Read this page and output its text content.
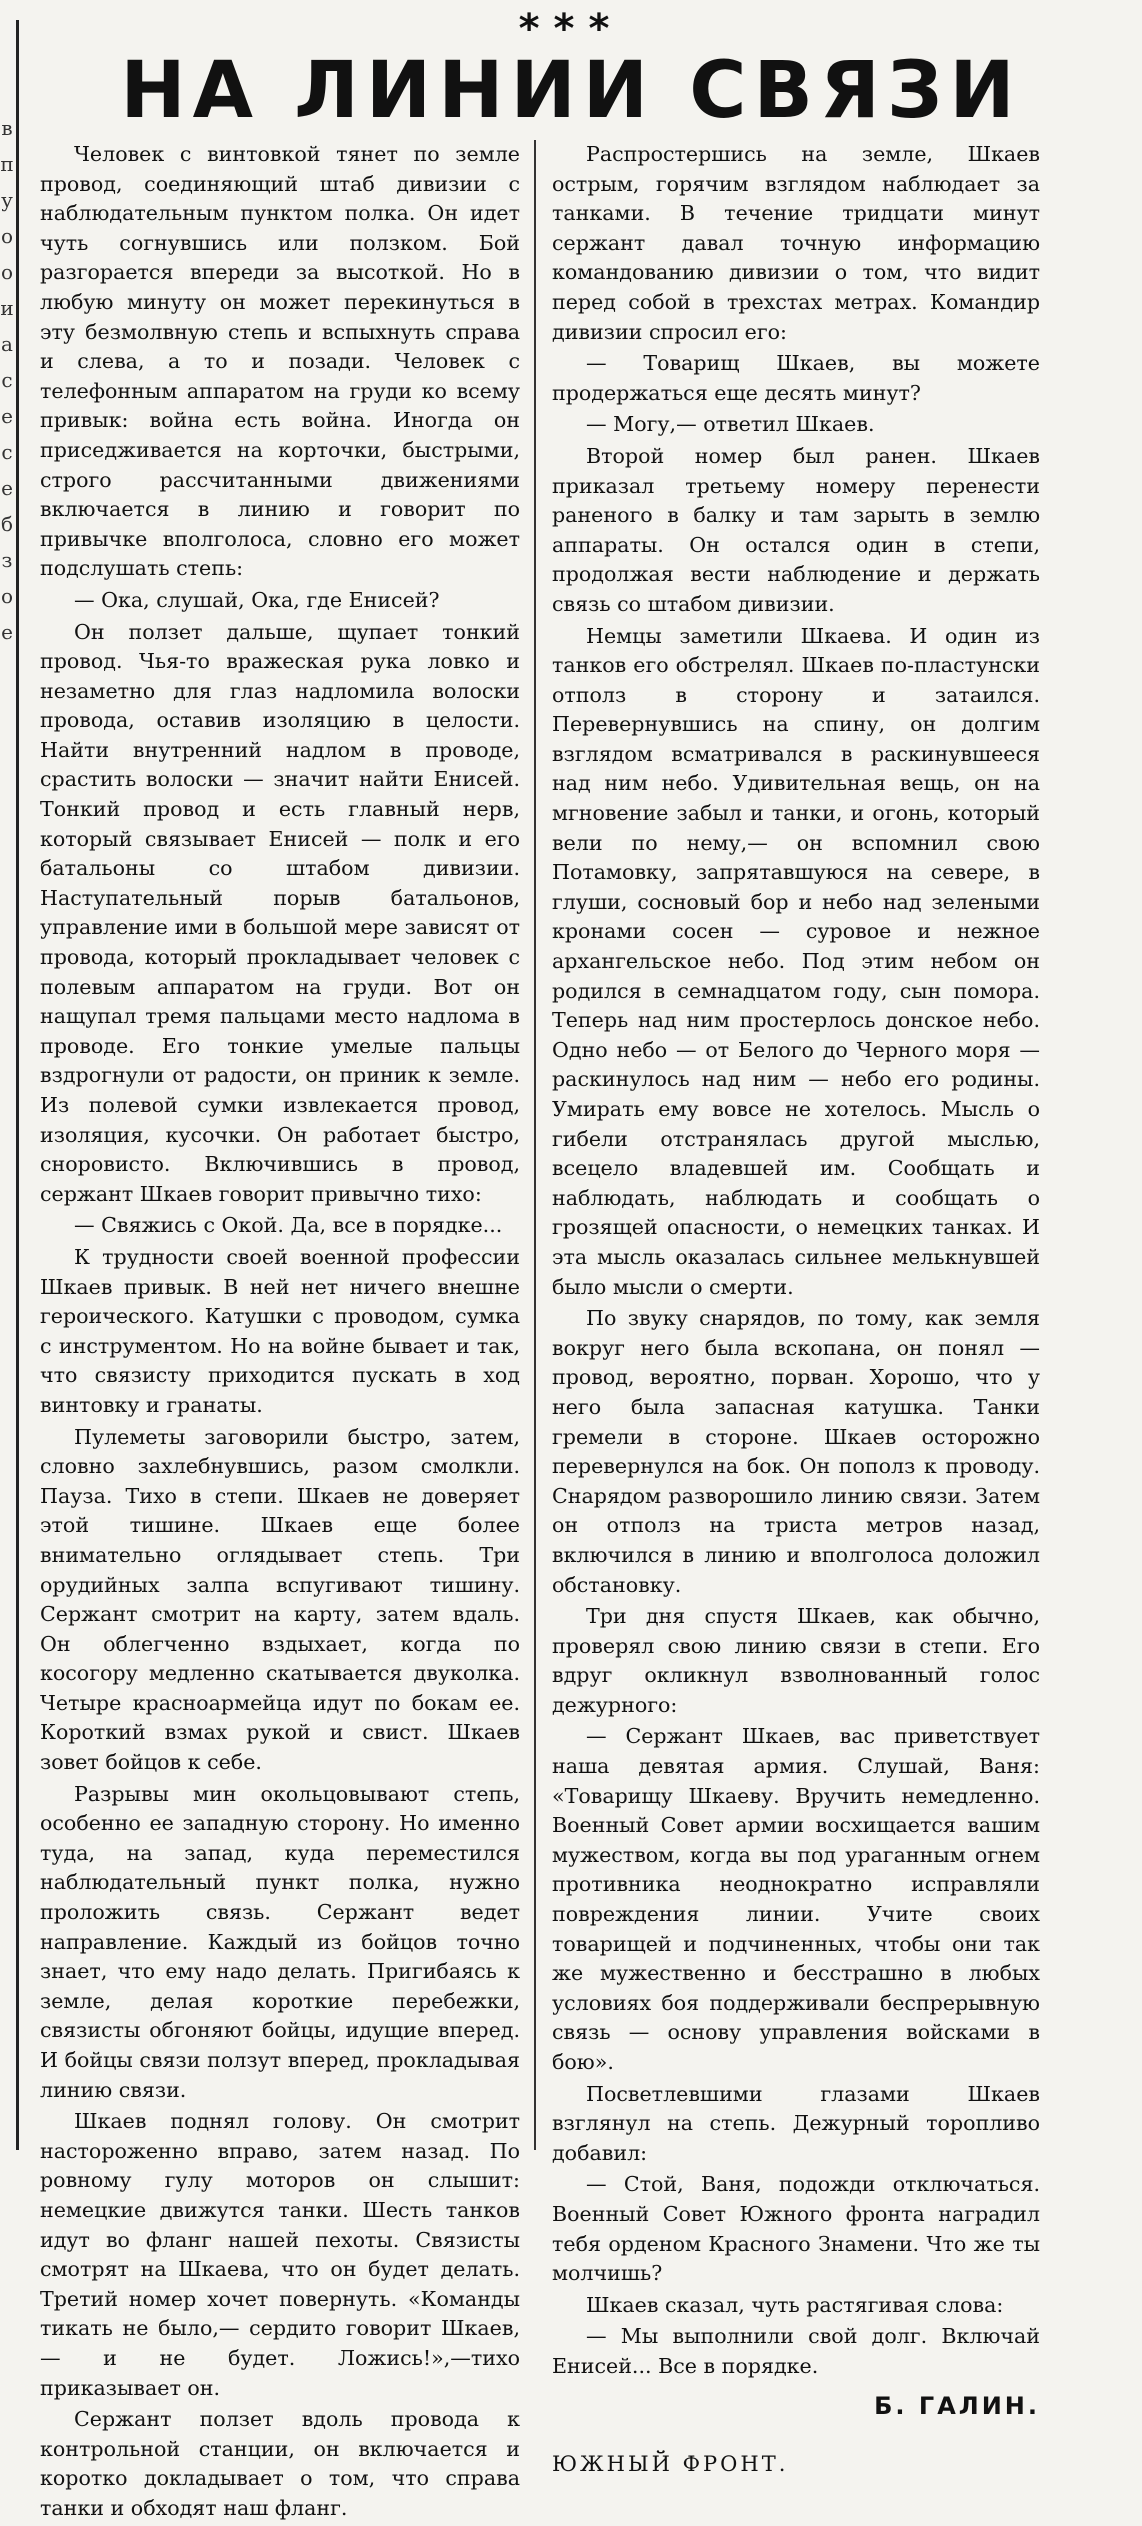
в
п
у
о
о
и
а
с
е
с
е
б
з
о
е
***
НА ЛИНИИ СВЯЗИ

Человек с винтовкой тянет по земле провод, соединяющий штаб дивизии с наблюдательным пунктом полка. Он идет чуть согнувшись или ползком. Бой разгорается впереди за высоткой. Но в любую минуту он может перекинуться в эту безмолвную степь и вспыхнуть справа и слева, а то и позади. Человек с телефонным аппаратом на груди ко всему привык: война есть война. Иногда он приседживается на корточки, быстрыми, строго рассчитанными движениями включается в линию и говорит по привычке вполголоса, словно его может подслушать степь:

— Ока, слушай, Ока, где Енисей?

Он ползет дальше, щупает тонкий провод. Чья-то вражеская рука ловко и незаметно для глаз надломила волоски провода, оставив изоляцию в целости. Найти внутренний надлом в проводе, срастить волоски — значит найти Енисей. Тонкий провод и есть главный нерв, который связывает Енисей — полк и его батальоны со штабом дивизии. Наступательный порыв батальонов, управление ими в большой мере зависят от провода, который прокладывает человек с полевым аппаратом на груди. Вот он нащупал тремя пальцами место надлома в проводе. Его тонкие умелые пальцы вздрогнули от радости, он приник к земле. Из полевой сумки извлекается провод, изоляция, кусочки. Он работает быстро, сноровисто. Включившись в провод, сержант Шкаев говорит привычно тихо:

— Свяжись с Окой. Да, все в порядке...

К трудности своей военной профессии Шкаев привык. В ней нет ничего внешне героического. Катушки с проводом, сумка с инструментом. Но на войне бывает и так, что связисту приходится пускать в ход винтовку и гранаты.

Пулеметы заговорили быстро, затем, словно захлебнувшись, разом смолкли. Пауза. Тихо в степи. Шкаев не доверяет этой тишине. Шкаев еще более внимательно оглядывает степь. Три орудийных залпа вспугивают тишину. Сержант смотрит на карту, затем вдаль. Он облегченно вздыхает, когда по косогору медленно скатывается двуколка. Четыре красноармейца идут по бокам ее. Короткий взмах рукой и свист. Шкаев зовет бойцов к себе.

Разрывы мин окольцовывают степь, особенно ее западную сторону. Но именно туда, на запад, куда переместился наблюдательный пункт полка, нужно проложить связь. Сержант ведет направление. Каждый из бойцов точно знает, что ему надо делать. Пригибаясь к земле, делая короткие перебежки, связисты обгоняют бойцы, идущие вперед. И бойцы связи ползут вперед, прокладывая линию связи.

Шкаев поднял голову. Он смотрит настороженно вправо, затем назад. По ровному гулу моторов он слышит: немецкие движутся танки. Шесть танков идут во фланг нашей пехоты. Связисты смотрят на Шкаева, что он будет делать. Третий номер хочет повернуть. «Команды тикать не было,— сердито говорит Шкаев,— и не будет. Ложись!»,—тихо приказывает он.

Сержант ползет вдоль провода к контрольной станции, он включается и коротко докладывает о том, что справа танки и обходят наш фланг.

Распростершись на земле, Шкаев острым, горячим взглядом наблюдает за танками. В течение тридцати минут сержант давал точную информацию командованию дивизии о том, что видит перед собой в трехстах метрах. Командир дивизии спросил его:

— Товарищ Шкаев, вы можете продержаться еще десять минут?

— Могу,— ответил Шкаев.

Второй номер был ранен. Шкаев приказал третьему номеру перенести раненого в балку и там зарыть в землю аппараты. Он остался один в степи, продолжая вести наблюдение и держать связь со штабом дивизии.

Немцы заметили Шкаева. И один из танков его обстрелял. Шкаев по-пластунски отполз в сторону и затаился. Перевернувшись на спину, он долгим взглядом всматривался в раскинувшееся над ним небо. Удивительная вещь, он на мгновение забыл и танки, и огонь, который вели по нему,— он вспомнил свою Потамовку, запрятавшуюся на севере, в глуши, сосновый бор и небо над зелеными кронами сосен — суровое и нежное архангельское небо. Под этим небом он родился в семнадцатом году, сын помора. Теперь над ним простерлось донское небо. Одно небо — от Белого до Черного моря — раскинулось над ним — небо его родины. Умирать ему вовсе не хотелось. Мысль о гибели отстранялась другой мыслью, всецело владевшей им. Сообщать и наблюдать, наблюдать и сообщать о грозящей опасности, о немецких танках. И эта мысль оказалась сильнее мелькнувшей было мысли о смерти.

По звуку снарядов, по тому, как земля вокруг него была вскопана, он понял — провод, вероятно, порван. Хорошо, что у него была запасная катушка. Танки гремели в стороне. Шкаев осторожно перевернулся на бок. Он пополз к проводу. Снарядом разворошило линию связи. Затем он отполз на триста метров назад, включился в линию и вполголоса доложил обстановку.

Три дня спустя Шкаев, как обычно, проверял свою линию связи в степи. Его вдруг окликнул взволнованный голос дежурного:

— Сержант Шкаев, вас приветствует наша девятая армия. Слушай, Ваня: «Товарищу Шкаеву. Вручить немедленно. Военный Совет армии восхищается вашим мужеством, когда вы под ураганным огнем противника неоднократно исправляли повреждения линии. Учите своих товарищей и подчиненных, чтобы они так же мужественно и бесстрашно в любых условиях боя поддерживали беспрерывную связь — основу управления войсками в бою».

Посветлевшими глазами Шкаев взглянул на степь. Дежурный торопливо добавил:

— Стой, Ваня, подожди отключаться. Военный Совет Южного фронта наградил тебя орденом Красного Знамени. Что же ты молчишь?

Шкаев сказал, чуть растягивая слова:

— Мы выполнили свой долг. Включай Енисей... Все в порядке.

Б. ГАЛИН.
ЮЖНЫЙ ФРОНТ.
